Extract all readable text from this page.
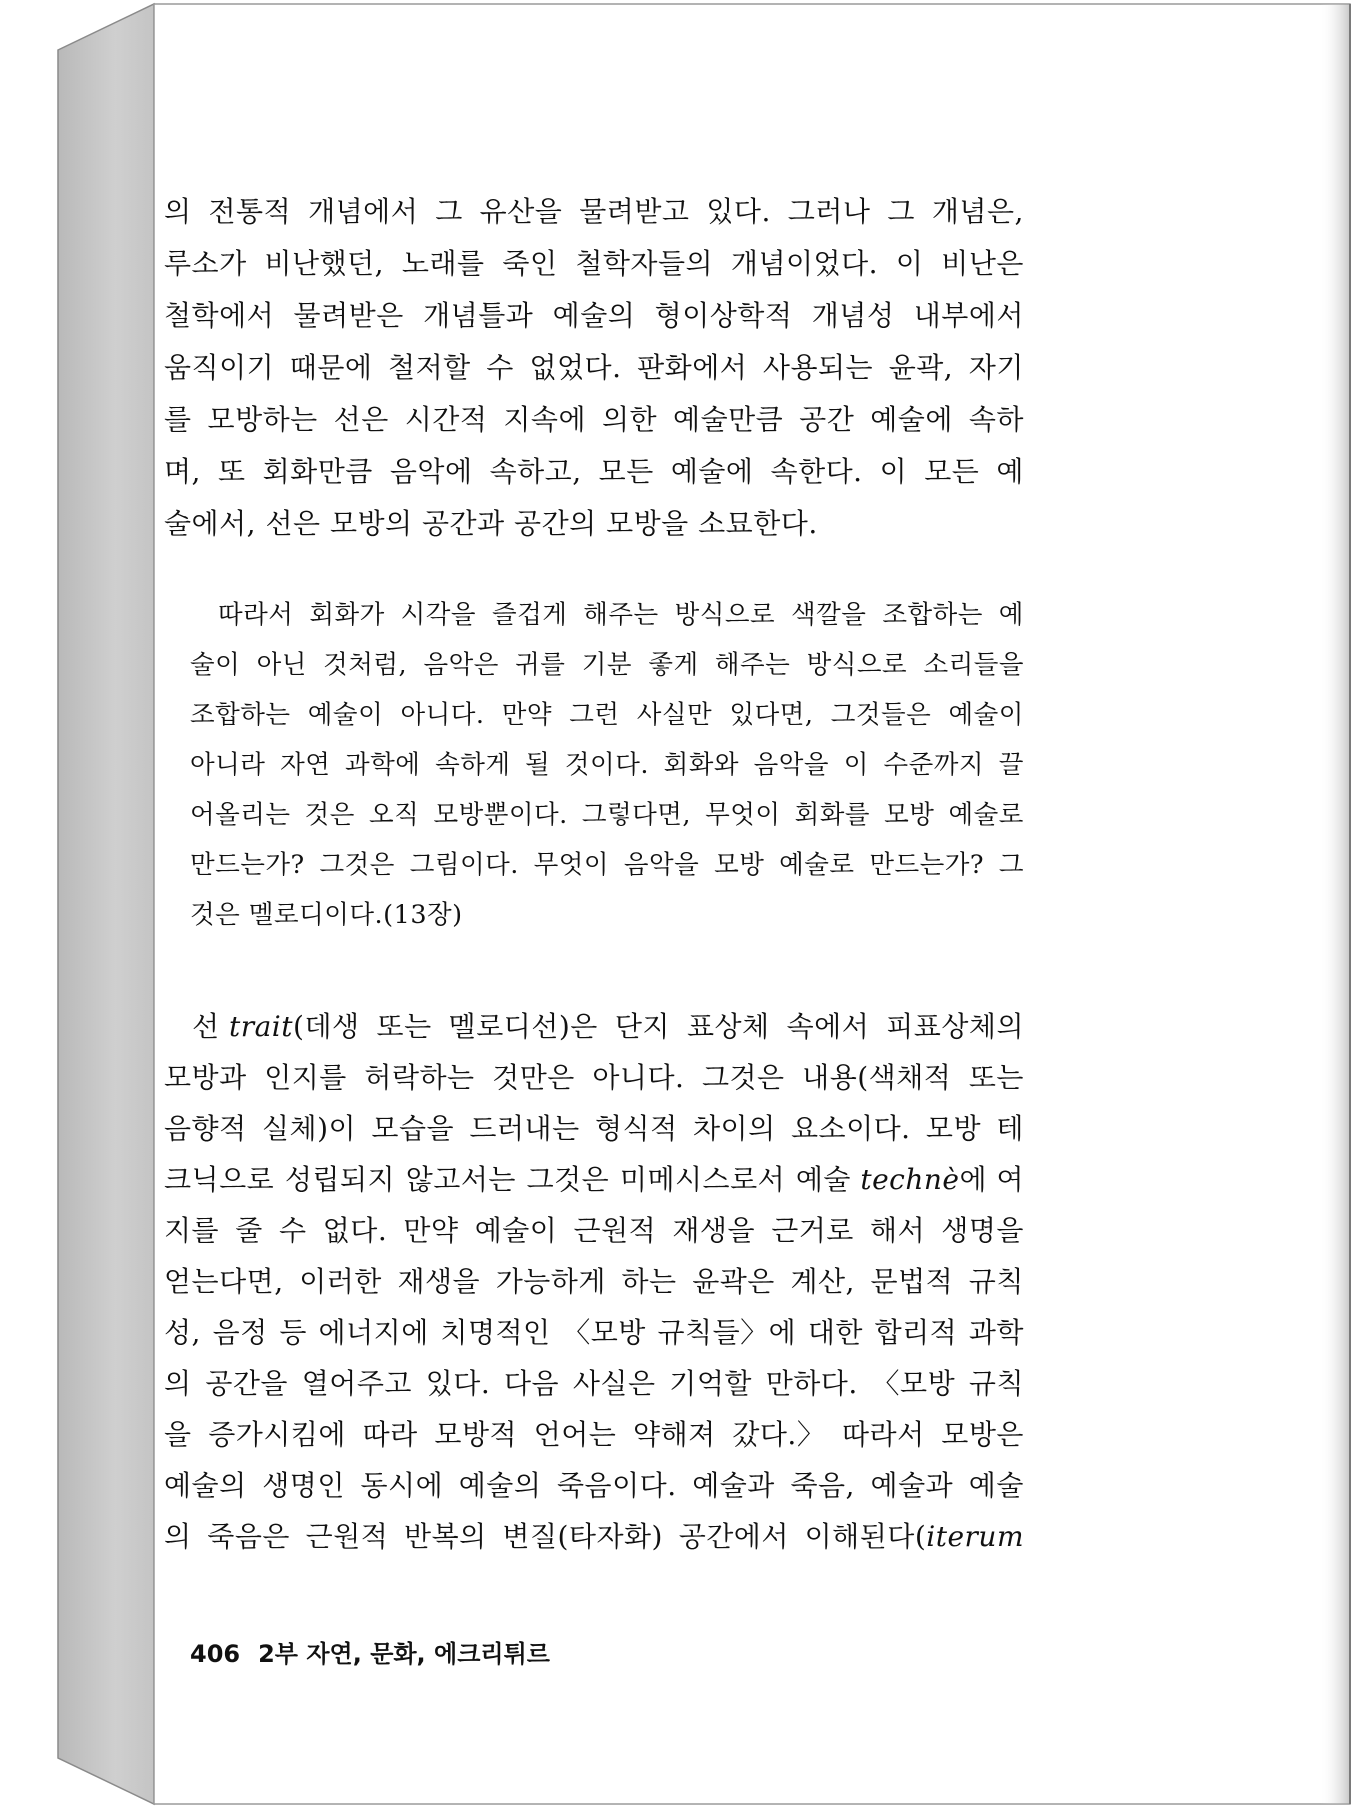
의 전통적 개념에서 그 유산을 물려받고 있다. 그러나 그 개념은,
루소가 비난했던, 노래를 죽인 철학자들의 개념이었다. 이 비난은
철학에서 물려받은 개념틀과 예술의 형이상학적 개념성 내부에서
움직이기 때문에 철저할 수 없었다. 판화에서 사용되는 윤곽, 자기
를 모방하는 선은 시간적 지속에 의한 예술만큼 공간 예술에 속하
며, 또 회화만큼 음악에 속하고, 모든 예술에 속한다. 이 모든 예
술에서, 선은 모방의 공간과 공간의 모방을 소묘한다.
따라서 회화가 시각을 즐겁게 해주는 방식으로 색깔을 조합하는 예
술이 아닌 것처럼, 음악은 귀를 기분 좋게 해주는 방식으로 소리들을
조합하는 예술이 아니다. 만약 그런 사실만 있다면, 그것들은 예술이
아니라 자연 과학에 속하게 될 것이다. 회화와 음악을 이 수준까지 끌
어올리는 것은 오직 모방뿐이다. 그렇다면, 무엇이 회화를 모방 예술로
만드는가? 그것은 그림이다. 무엇이 음악을 모방 예술로 만드는가? 그
것은 멜로디이다.(13장)
선
trait (데생 또는 멜로디선)은 단지 표상체 속에서 피표상체의
모방과 인지를 허락하는 것만은 아니다. 그것은 내용(색채적 또는
음향적 실체)이 모습을 드러내는 형식적 차이의 요소이다. 모방 테
크닉으로 성립되지 않고서는 그것은 미메시스로서 예술
technè 에 여
지를 줄 수 없다. 만약 예술이 근원적 재생을 근거로 해서 생명을
얻는다면, 이러한 재생을 가능하게 하는 윤곽은 계산, 문법적 규칙
성, 음정 등 에너지에 치명적인 〈모방 규칙들〉에 대한 합리적 과학
의 공간을 열어주고 있다. 다음 사실은 기억할 만하다. 〈모방 규칙
을 증가시킴에 따라 모방적 언어는 약해져 갔다.〉 따라서 모방은
예술의 생명인 동시에 예술의 죽음이다. 예술과 죽음, 예술과 예술
의 죽음은 근원적 반복의 변질(타자화) 공간에서 이해된다( iterum
406 2부 자연, 문화, 에크리튀르
